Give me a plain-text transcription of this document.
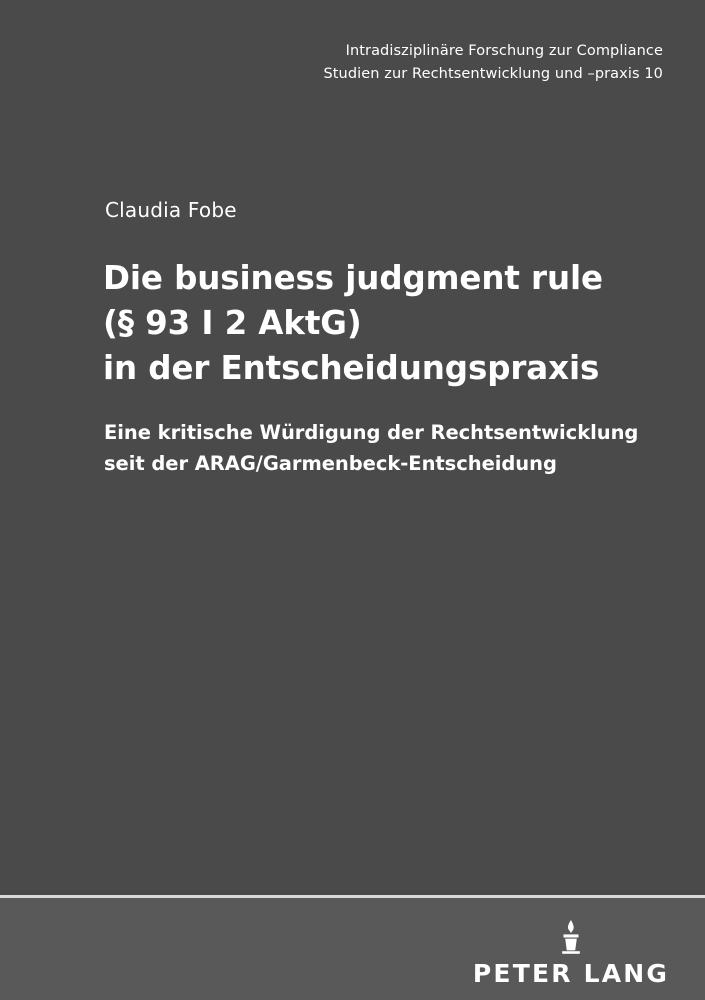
Intradisziplinäre Forschung zur Compliance
Studien zur Rechtsentwicklung und –praxis 10
Claudia Fobe
Die business judgment rule
(§ 93 I 2 AktG)
in der Entscheidungspraxis
Eine kritische Würdigung der Rechtsentwicklung
seit der ARAG/Garmenbeck-Entscheidung
PETER LANG
